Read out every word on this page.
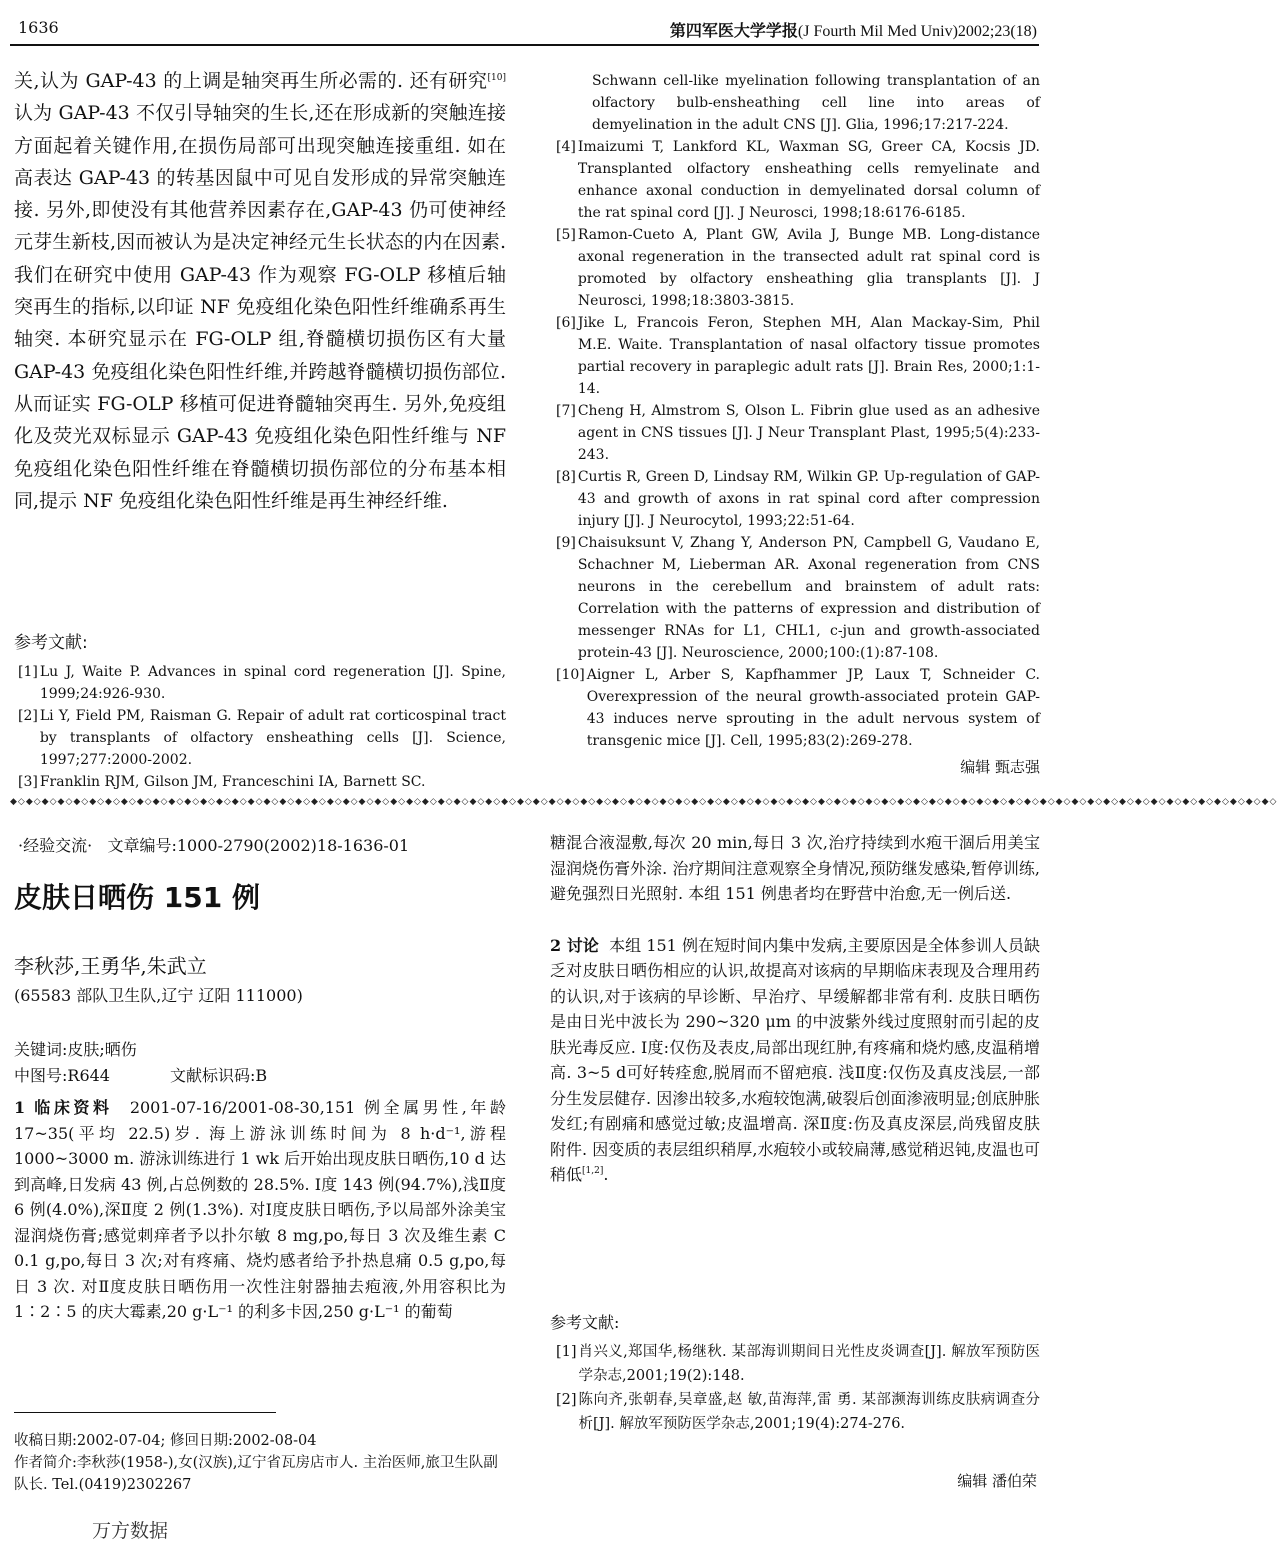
1636	第四军医大学学报(J Fourth Mil Med Univ)2002;23(18)
关,认为 GAP-43 的上调是轴突再生所必需的. 还有研究[10]认为 GAP-43 不仅引导轴突的生长,还在形成新的突触连接方面起着关键作用,在损伤局部可出现突触连接重组. 如在高表达 GAP-43 的转基因鼠中可见自发形成的异常突触连接. 另外,即使没有其他营养因素存在,GAP-43 仍可使神经元芽生新枝,因而被认为是决定神经元生长状态的内在因素. 我们在研究中使用 GAP-43 作为观察 FG-OLP 移植后轴突再生的指标,以印证 NF 免疫组化染色阳性纤维确系再生轴突. 本研究显示在 FG-OLP 组,脊髓横切损伤区有大量 GAP-43 免疫组化染色阳性纤维,并跨越脊髓横切损伤部位. 从而证实 FG-OLP 移植可促进脊髓轴突再生. 另外,免疫组化及荧光双标显示 GAP-43 免疫组化染色阳性纤维与 NF 免疫组化染色阳性纤维在脊髓横切损伤部位的分布基本相同,提示 NF 免疫组化染色阳性纤维是再生神经纤维.
参考文献:
[1] Lu J, Waite P. Advances in spinal cord regeneration [J]. Spine, 1999;24:926-930.
[2] Li Y, Field PM, Raisman G. Repair of adult rat corticospinal tract by transplants of olfactory ensheathing cells [J]. Science, 1997;277:2000-2002.
[3] Franklin RJM, Gilson JM, Franceschini IA, Barnett SC.
Schwann cell-like myelination following transplantation of an olfactory bulb-ensheathing cell line into areas of demyelination in the adult CNS [J]. Glia, 1996;17:217-224.
[4] Imaizumi T, Lankford KL, Waxman SG, Greer CA, Kocsis JD. Transplanted olfactory ensheathing cells remyelinate and enhance axonal conduction in demyelinated dorsal column of the rat spinal cord [J]. J Neurosci, 1998;18:6176-6185.
[5] Ramon-Cueto A, Plant GW, Avila J, Bunge MB. Long-distance axonal regeneration in the transected adult rat spinal cord is promoted by olfactory ensheathing glia transplants [J]. J Neurosci, 1998;18:3803-3815.
[6] Jike L, Francois Feron, Stephen MH, Alan Mackay-Sim, Phil M.E. Waite. Transplantation of nasal olfactory tissue promotes partial recovery in paraplegic adult rats [J]. Brain Res, 2000;1:1-14.
[7] Cheng H, Almstrom S, Olson L. Fibrin glue used as an adhesive agent in CNS tissues [J]. J Neur Transplant Plast, 1995;5(4):233-243.
[8] Curtis R, Green D, Lindsay RM, Wilkin GP. Up-regulation of GAP-43 and growth of axons in rat spinal cord after compression injury [J]. J Neurocytol, 1993;22:51-64.
[9] Chaisuksunt V, Zhang Y, Anderson PN, Campbell G, Vaudano E, Schachner M, Lieberman AR. Axonal regeneration from CNS neurons in the cerebellum and brainstem of adult rats: Correlation with the patterns of expression and distribution of messenger RNAs for L1, CHL1, c-jun and growth-associated protein-43 [J]. Neuroscience, 2000;100:(1):87-108.
[10] Aigner L, Arber S, Kapfhammer JP, Laux T, Schneider C. Overexpression of the neural growth-associated protein GAP-43 induces nerve sprouting in the adult nervous system of transgenic mice [J]. Cell, 1995;83(2):269-278.
编辑 甄志强
◆◇◆◇◆◇◆◇◆◇◆◇◆◇◆◇◆◇◆◇◆◇◆◇◆◇◆◇◆◇◆◇◆◇◆◇◆◇◆◇◆◇◆◇◆◇◆◇◆◇◆◇◆◇◆◇◆◇◆◇◆◇◆◇◆◇◆◇◆◇◆◇◆◇◆◇◆◇◆◇◆◇◆◇◆◇◆◇◆◇◆◇◆◇◆◇◆◇◆◇◆◇◆◇◆◇◆◇◆◇◆◇◆◇◆◇◆◇◆◇◆◇◆◇◆◇◆◇◆◇◆◇◆◇◆◇◆◇◆◇◆◇◆◇◆◇◆◇◆◇◆◇◆◇◆◇◆◇◆◇
·经验交流· 文章编号:1000-2790(2002)18-1636-01
皮肤日晒伤 151 例
李秋莎,王勇华,朱武立
(65583 部队卫生队,辽宁 辽阳 111000)
关键词:皮肤;晒伤
中图号:R644	文献标识码:B
1 临床资料 2001-07-16/2001-08-30,151 例全属男性,年龄 17~35(平均 22.5)岁. 海上游泳训练时间为 8 h·d⁻¹,游程 1000~3000 m. 游泳训练进行 1 wk 后开始出现皮肤日晒伤,10 d 达到高峰,日发病 43 例,占总例数的 28.5%. Ⅰ度 143 例(94.7%),浅Ⅱ度 6 例(4.0%),深Ⅱ度 2 例(1.3%). 对Ⅰ度皮肤日晒伤,予以局部外涂美宝湿润烧伤膏;感觉刺痒者予以扑尔敏 8 mg,po,每日 3 次及维生素 C 0.1 g,po,每日 3 次;对有疼痛、烧灼感者给予扑热息痛 0.5 g,po,每日 3 次. 对Ⅱ度皮肤日晒伤用一次性注射器抽去疱液,外用容积比为 1∶2∶5 的庆大霉素,20 g·L⁻¹ 的利多卡因,250 g·L⁻¹ 的葡萄
收稿日期:2002-07-04; 修回日期:2002-08-04
作者简介:李秋莎(1958-),女(汉族),辽宁省瓦房店市人. 主治医师,旅卫生队副队长. Tel.(0419)2302267
万方数据
糖混合液湿敷,每次 20 min,每日 3 次,治疗持续到水疱干涸后用美宝湿润烧伤膏外涂. 治疗期间注意观察全身情况,预防继发感染,暂停训练,避免强烈日光照射. 本组 151 例患者均在野营中治愈,无一例后送.
2 讨论 本组 151 例在短时间内集中发病,主要原因是全体参训人员缺乏对皮肤日晒伤相应的认识,故提高对该病的早期临床表现及合理用药的认识,对于该病的早诊断、早治疗、早缓解都非常有利. 皮肤日晒伤是由日光中波长为 290~320 μm 的中波紫外线过度照射而引起的皮肤光毒反应. Ⅰ度:仅伤及表皮,局部出现红肿,有疼痛和烧灼感,皮温稍增高. 3~5 d可好转痊愈,脱屑而不留疤痕. 浅Ⅱ度:仅伤及真皮浅层,一部分生发层健存. 因渗出较多,水疱较饱满,破裂后创面渗液明显;创底肿胀发红;有剧痛和感觉过敏;皮温增高. 深Ⅱ度:伤及真皮深层,尚残留皮肤附件. 因变质的表层组织稍厚,水疱较小或较扁薄,感觉稍迟钝,皮温也可稍低[1,2].
参考文献:
[1] 肖兴义,郑国华,杨继秋. 某部海训期间日光性皮炎调查[J]. 解放军预防医学杂志,2001;19(2):148.
[2] 陈向齐,张朝春,吴章盛,赵 敏,苗海萍,雷 勇. 某部濒海训练皮肤病调查分析[J]. 解放军预防医学杂志,2001;19(4):274-276.
编辑 潘伯荣
